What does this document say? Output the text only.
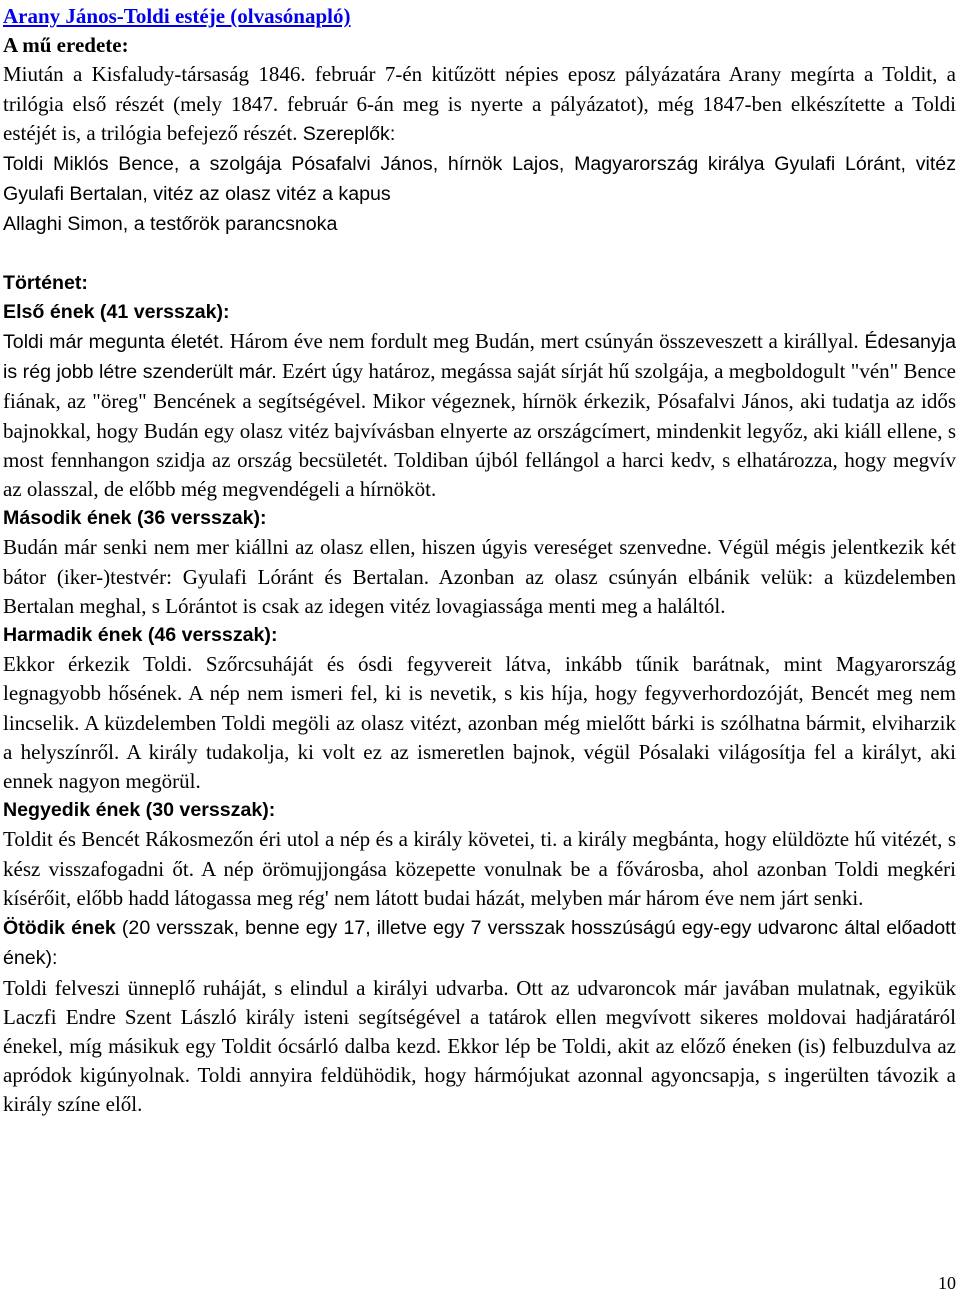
Arany János-Toldi estéje (olvasónapló)

A mű eredete:

Miután a Kisfaludy-társaság 1846. február 7-én kitűzött népies eposz pályázatára Arany megírta a Toldit, a trilógia első részét (mely 1847. február 6-án meg is nyerte a pályázatot), még 1847-ben elkészítette a Toldi estéjét is, a trilógia befejező részét. Szereplők:
Toldi Miklós Bence, a szolgája Pósafalvi János, hírnök Lajos, Magyarország királya Gyulafi Lóránt, vitéz Gyulafi Bertalan, vitéz az olasz vitéz a kapus
Allaghi Simon, a testőrök parancsnoka

Történet:

Első ének (41 versszak):

Toldi már megunta életét. Három éve nem fordult meg Budán, mert csúnyán összeveszett a királlyal. Édesanyja is rég jobb létre szenderült már. Ezért úgy határoz, megássa saját sírját hű szolgája, a megboldogult "vén" Bence fiának, az "öreg" Bencének a segítségével. Mikor végeznek, hírnök érkezik, Pósafalvi János, aki tudatja az idős bajnokkal, hogy Budán egy olasz vitéz bajvívásban elnyerte az országcímert, mindenkit legyőz, aki kiáll ellene, s most fennhangon szidja az ország becsületét. Toldiban újból fellángol a harci kedv, s elhatározza, hogy megvív az olasszal, de előbb még megvendégeli a hírnököt.

Második ének (36 versszak):

Budán már senki nem mer kiállni az olasz ellen, hiszen úgyis vereséget szenvedne. Végül mégis jelentkezik két bátor (iker-)testvér: Gyulafi Lóránt és Bertalan. Azonban az olasz csúnyán elbánik velük: a küzdelemben Bertalan meghal, s Lórántot is csak az idegen vitéz lovagiassága menti meg a haláltól.

Harmadik ének (46 versszak):

Ekkor érkezik Toldi. Szőrcsuháját és ósdi fegyvereit látva, inkább tűnik barátnak, mint Magyarország legnagyobb hősének. A nép nem ismeri fel, ki is nevetik, s kis híja, hogy fegyverhordozóját, Bencét meg nem lincselik. A küzdelemben Toldi megöli az olasz vitézt, azonban még mielőtt bárki is szólhatna bármit, elviharzik a helyszínről. A király tudakolja, ki volt ez az ismeretlen bajnok, végül Pósalaki világosítja fel a királyt, aki ennek nagyon megörül.

Negyedik ének (30 versszak):

Toldit és Bencét Rákosmezőn éri utol a nép és a király követei, ti. a király megbánta, hogy elüldözte hű vitézét, s kész visszafogadni őt. A nép örömujjongása közepette vonulnak be a fővárosba, ahol azonban Toldi megkéri kísérőit, előbb hadd látogassa meg rég' nem látott budai házát, melyben már három éve nem járt senki.

Ötödik ének (20 versszak, benne egy 17, illetve egy 7 versszak hosszúságú egy-egy udvaronc által előadott ének):

Toldi felveszi ünneplő ruháját, s elindul a királyi udvarba. Ott az udvaroncok már javában mulatnak, egyikük Laczfi Endre Szent László király isteni segítségével a tatárok ellen megvívott sikeres moldovai hadjáratáról énekel, míg másikuk egy Toldit ócsárló dalba kezd. Ekkor lép be Toldi, akit az előző éneken (is) felbuzdulva az apródok kigúnyolnak. Toldi annyira feldühödik, hogy hármójukat azonnal agyoncsapja, s ingerülten távozik a király színe elől.

10
